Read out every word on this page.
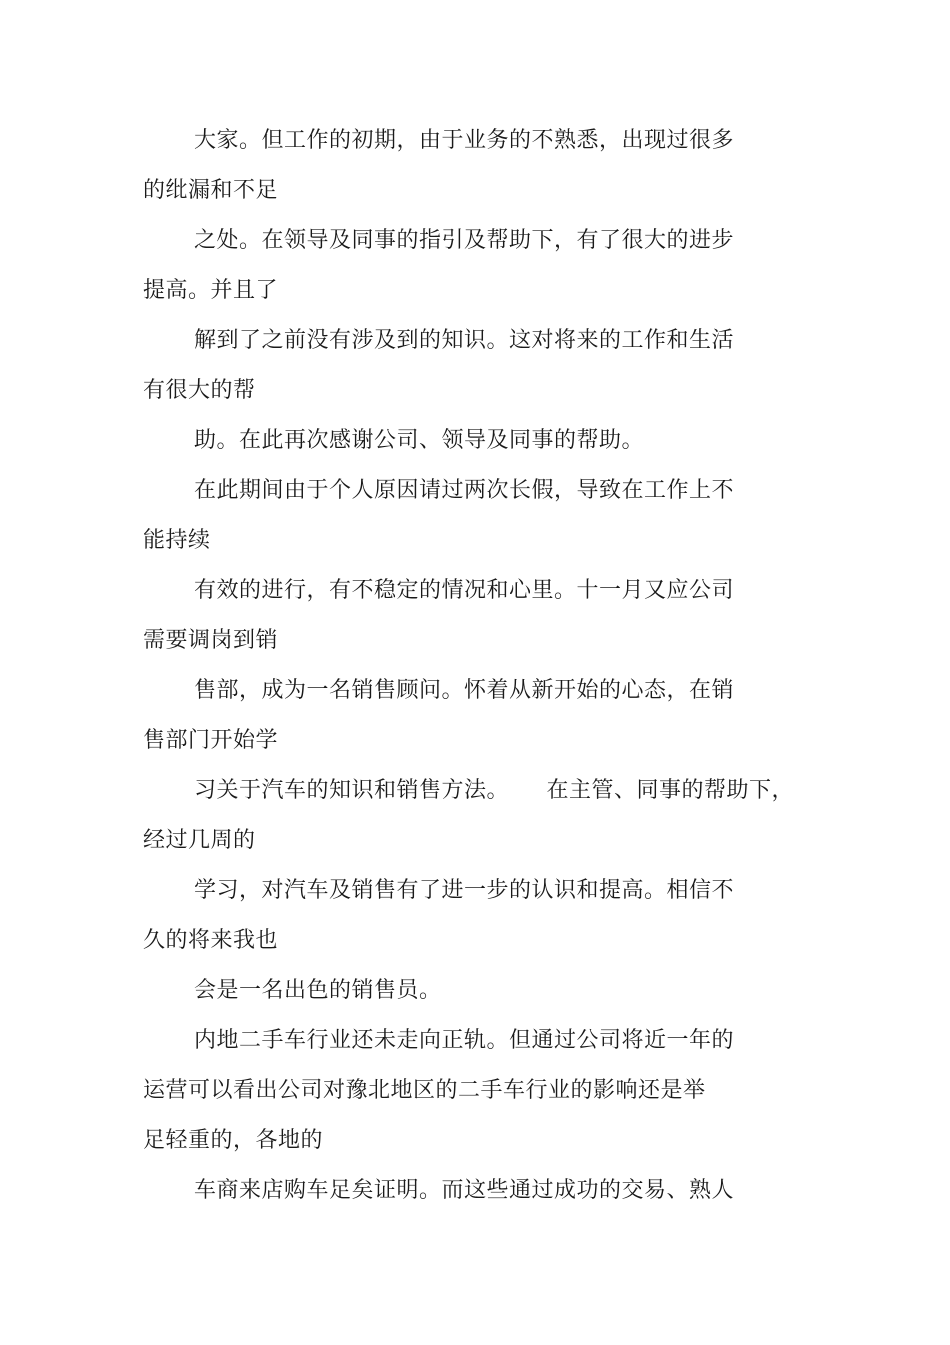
大家。但工作的初期，由于业务的不熟悉，出现过很多
的纰漏和不足
之处。在领导及同事的指引及帮助下，有了很大的进步
提高。并且了
解到了之前没有涉及到的知识。这对将来的工作和生活
有很大的帮
助。在此再次感谢公司、领导及同事的帮助。
在此期间由于个人原因请过两次长假，导致在工作上不
能持续
有效的进行，有不稳定的情况和心里。十一月又应公司
需要调岗到销
售部，成为一名销售顾问。怀着从新开始的心态，在销
售部门开始学
习关于汽车的知识和销售方法。     在主管、同事的帮助下，
经过几周的
学习，对汽车及销售有了进一步的认识和提高。相信不
久的将来我也
会是一名出色的销售员。
内地二手车行业还未走向正轨。但通过公司将近一年的
运营可以看出公司对豫北地区的二手车行业的影响还是举
足轻重的，各地的
车商来店购车足矣证明。而这些通过成功的交易、熟人
